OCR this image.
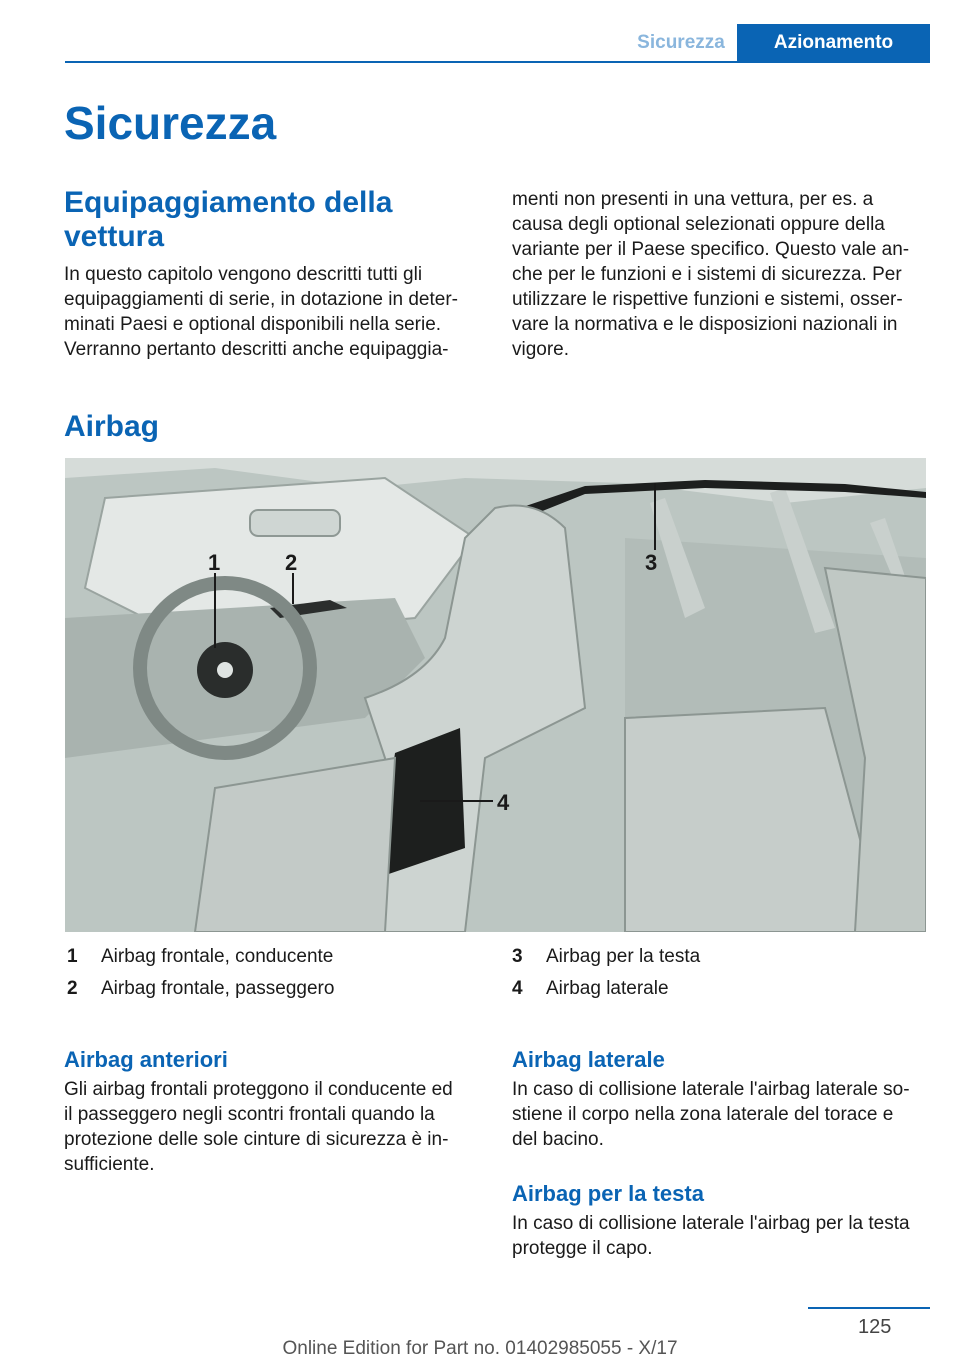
Sicurezza	Azionamento
Sicurezza
Equipaggiamento della vettura

In questo capitolo vengono descritti tutti gli
equipaggiamenti di serie, in dotazione in deter‐
minati Paesi e optional disponibili nella serie.
Verranno pertanto descritti anche equipaggia‐

menti non presenti in una vettura, per es. a
causa degli optional selezionati oppure della
variante per il Paese specifico. Questo vale an‐
che per le funzioni e i sistemi di sicurezza. Per
utilizzare le rispettive funzioni e sistemi, osser‐
vare la normativa e le disposizioni nazionali in
vigore.

Airbag
1	2	3
4
1 Airbag frontale, conducente
2 Airbag frontale, passeggero
3 Airbag per la testa
4 Airbag laterale
Airbag anteriori

Gli airbag frontali proteggono il conducente ed
il passeggero negli scontri frontali quando la
protezione delle sole cinture di sicurezza è in‐
sufficiente.

Airbag laterale

In caso di collisione laterale l'airbag laterale so‐
stiene il corpo nella zona laterale del torace e
del bacino.

Airbag per la testa

In caso di collisione laterale l'airbag per la testa
protegge il capo.

125
Online Edition for Part no. 01402985055 - X/17
